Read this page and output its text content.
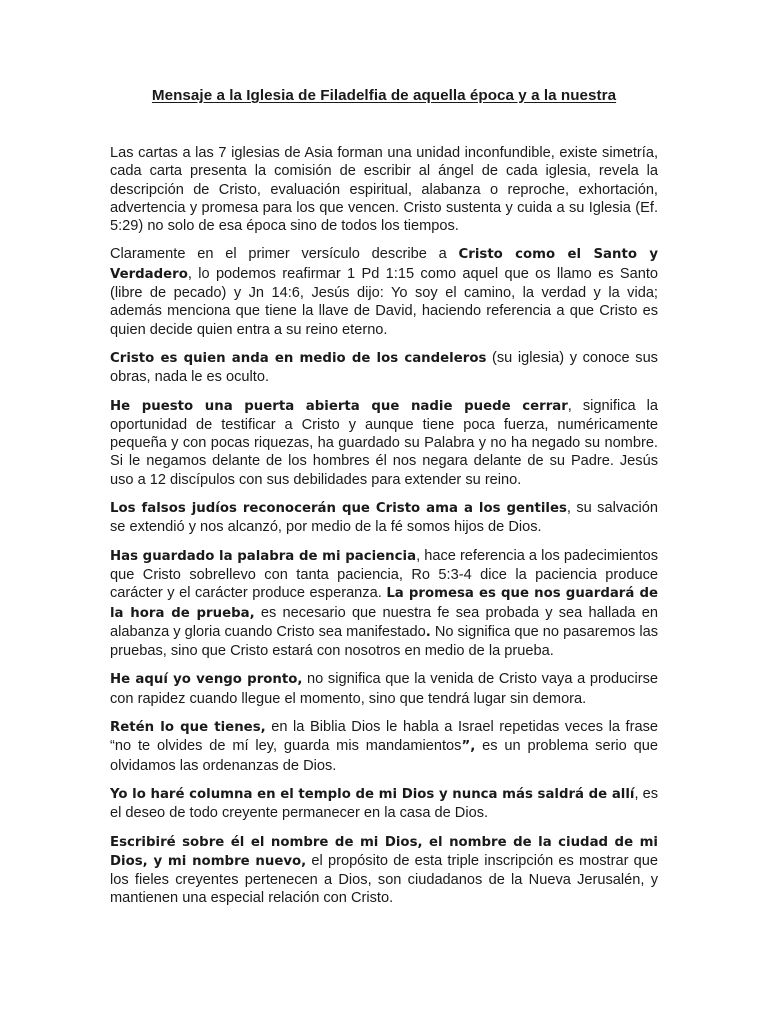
Mensaje a la Iglesia de Filadelfia de aquella época y a la nuestra

Las cartas a las 7 iglesias de Asia forman una unidad inconfundible, existe simetría, cada carta presenta la comisión de escribir al ángel de cada iglesia, revela la descripción de Cristo, evaluación espiritual, alabanza o reproche, exhortación, advertencia y promesa para los que vencen. Cristo sustenta y cuida a su Iglesia (Ef. 5:29) no solo de esa época sino de todos los tiempos.

Claramente en el primer versículo describe a Cristo como el Santo y Verdadero, lo podemos reafirmar 1 Pd 1:15 como aquel que os llamo es Santo (libre de pecado) y Jn 14:6, Jesús dijo: Yo soy el camino, la verdad y la vida; además menciona que tiene la llave de David, haciendo referencia a que Cristo es quien decide quien entra a su reino eterno.

Cristo es quien anda en medio de los candeleros (su iglesia) y conoce sus obras, nada le es oculto.

He puesto una puerta abierta que nadie puede cerrar, significa la oportunidad de testificar a Cristo y aunque tiene poca fuerza, numéricamente pequeña y con pocas riquezas, ha guardado su Palabra y no ha negado su nombre. Si le negamos delante de los hombres él nos negara delante de su Padre. Jesús uso a 12 discípulos con sus debilidades para extender su reino.

Los falsos judíos reconocerán que Cristo ama a los gentiles, su salvación se extendió y nos alcanzó, por medio de la fé somos hijos de Dios.

Has guardado la palabra de mi paciencia, hace referencia a los padecimientos que Cristo sobrellevo con tanta paciencia, Ro 5:3-4 dice la paciencia produce carácter y el carácter produce esperanza. La promesa es que nos guardará de la hora de prueba, es necesario que nuestra fe sea probada y sea hallada en alabanza y gloria cuando Cristo sea manifestado. No significa que no pasaremos las pruebas, sino que Cristo estará con nosotros en medio de la prueba.

He aquí yo vengo pronto, no significa que la venida de Cristo vaya a producirse con rapidez cuando llegue el momento, sino que tendrá lugar sin demora.

Retén lo que tienes, en la Biblia Dios le habla a Israel repetidas veces la frase “no te olvides de mí ley, guarda mis mandamientos”, es un problema serio que olvidamos las ordenanzas de Dios.

Yo lo haré columna en el templo de mi Dios y nunca más saldrá de allí, es el deseo de todo creyente permanecer en la casa de Dios.

Escribiré sobre él el nombre de mi Dios, el nombre de la ciudad de mi Dios, y mi nombre nuevo, el propósito de esta triple inscripción es mostrar que los fieles creyentes pertenecen a Dios, son ciudadanos de la Nueva Jerusalén, y mantienen una especial relación con Cristo.
